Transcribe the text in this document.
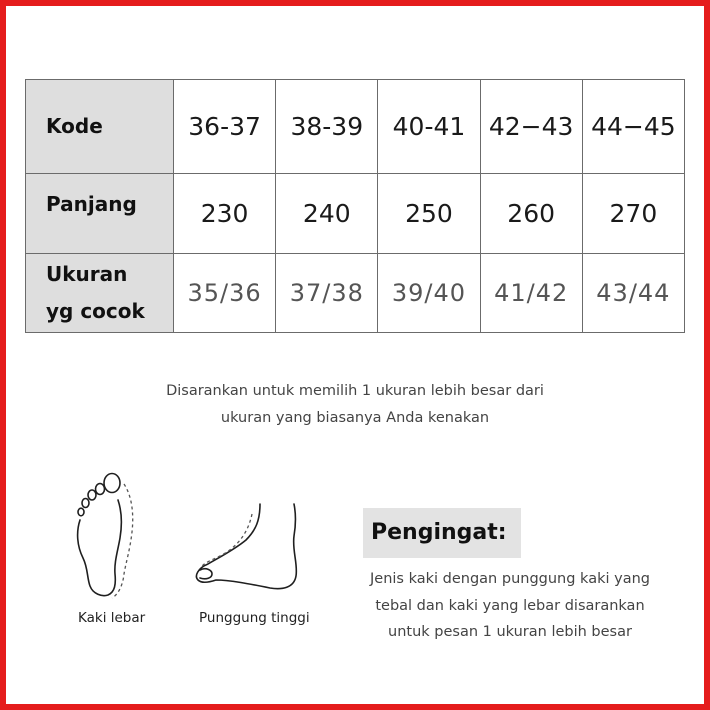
Kode	36-37	38-39	40-41	42−43	44−45
Panjang	230	240	250	260	270

Ukuran
yg cocok	35/36	37/38	39/40	41/42	43/44
Disarankan untuk memilih 1 ukuran lebih besar dari
ukuran yang biasanya Anda kenakan
Kaki lebar	Punggung tinggi
Pengingat:
Jenis kaki dengan punggung kaki yang
tebal dan kaki yang lebar disarankan
untuk pesan 1 ukuran lebih besar
